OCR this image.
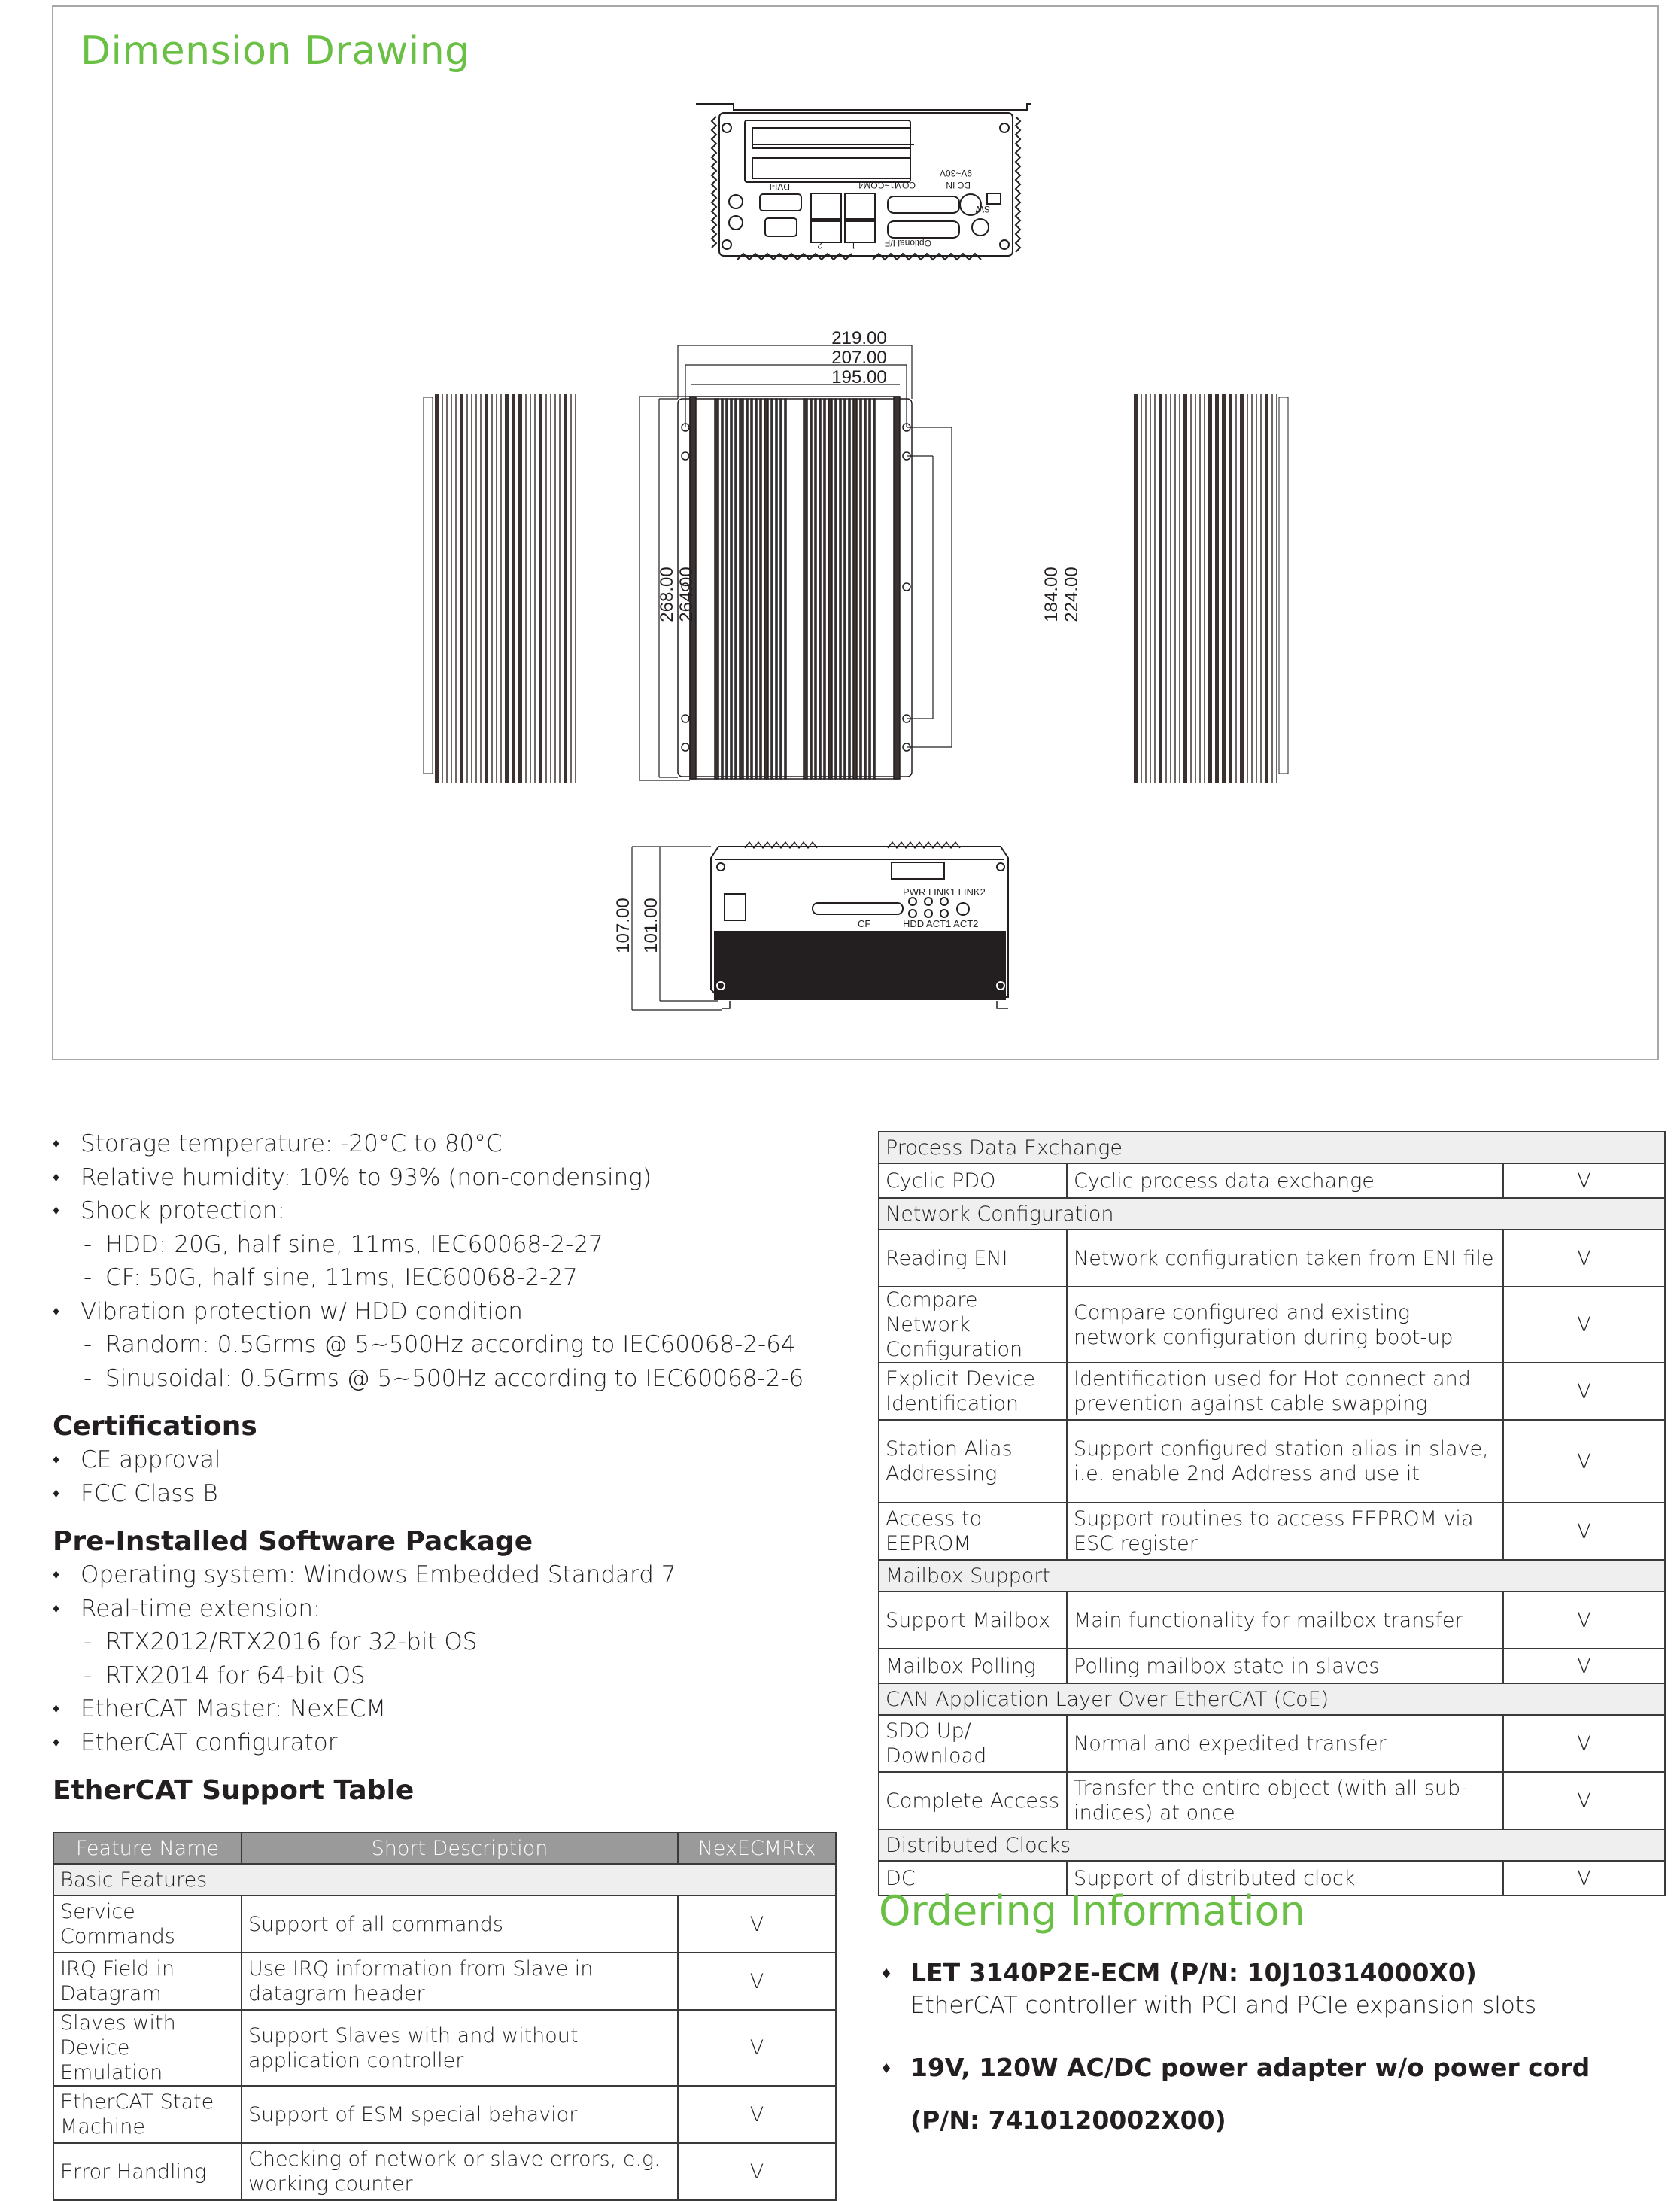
Dimension Drawing
DVI-I	COM1~COM4	DC IN
9V~30V
SW
Optional I/F
1
2
219.00
207.00
195.00
268.00 264.00	184.00 224.00
107.00 101.00
PWR LINK1 LINK2
HDD ACT1 ACT2
CF
♦ Storage temperature: -20°C to 80°C
♦ Relative humidity: 10% to 93% (non-condensing)
♦ Shock protection:
- HDD: 20G, half sine, 11ms, IEC60068-2-27
- CF: 50G, half sine, 11ms, IEC60068-2-27
♦ Vibration protection w/ HDD condition
- Random: 0.5Grms @ 5~500Hz according to IEC60068-2-64
- Sinusoidal: 0.5Grms @ 5~500Hz according to IEC60068-2-6
Certifications
♦ CE approval
♦ FCC Class B
Pre-Installed Software Package
♦ Operating system: Windows Embedded Standard 7
♦ Real-time extension:
- RTX2012/RTX2016 for 32-bit OS
- RTX2014 for 64-bit OS
♦ EtherCAT Master: NexECM
♦ EtherCAT configurator
EtherCAT Support Table
Feature Name	Short Description	NexECMRtx
Basic Features		
Service Commands	Support of all commands	V
IRQ Field in Datagram	Use IRQ information from Slave in datagram header	V
Slaves with Device Emulation	Support Slaves with and without application controller	V
EtherCAT State Machine	Support of ESM special behavior	V
Error Handling	Checking of network or slave errors, e.g. working counter	V
Process Data Exchange		
Cyclic PDO	Cyclic process data exchange	V
Network Configuration		
Reading ENI	Network configuration taken from ENI file	V
Compare Network Configuration	Compare configured and existing network configuration during boot-up	V
Explicit Device Identification	Identification used for Hot connect and prevention against cable swapping	V
Station Alias Addressing	Support configured station alias in slave, i.e. enable 2nd Address and use it	V
Access to EEPROM	Support routines to access EEPROM via ESC register	V
Mailbox Support		
Support Mailbox	Main functionality for mailbox transfer	V
Mailbox Polling	Polling mailbox state in slaves	V
CAN Application Layer Over EtherCAT (CoE)		
SDO Up/ Download	Normal and expedited transfer	V
Complete Access	Transfer the entire object (with all sub-indices) at once	V
Distributed Clocks		
DC	Support of distributed clock	V
Ordering Information
♦ LET 3140P2E-ECM (P/N: 10J10314000X0)
EtherCAT controller with PCI and PCIe expansion slots
♦ 19V, 120W AC/DC power adapter w/o power cord
(P/N: 7410120002X00)
